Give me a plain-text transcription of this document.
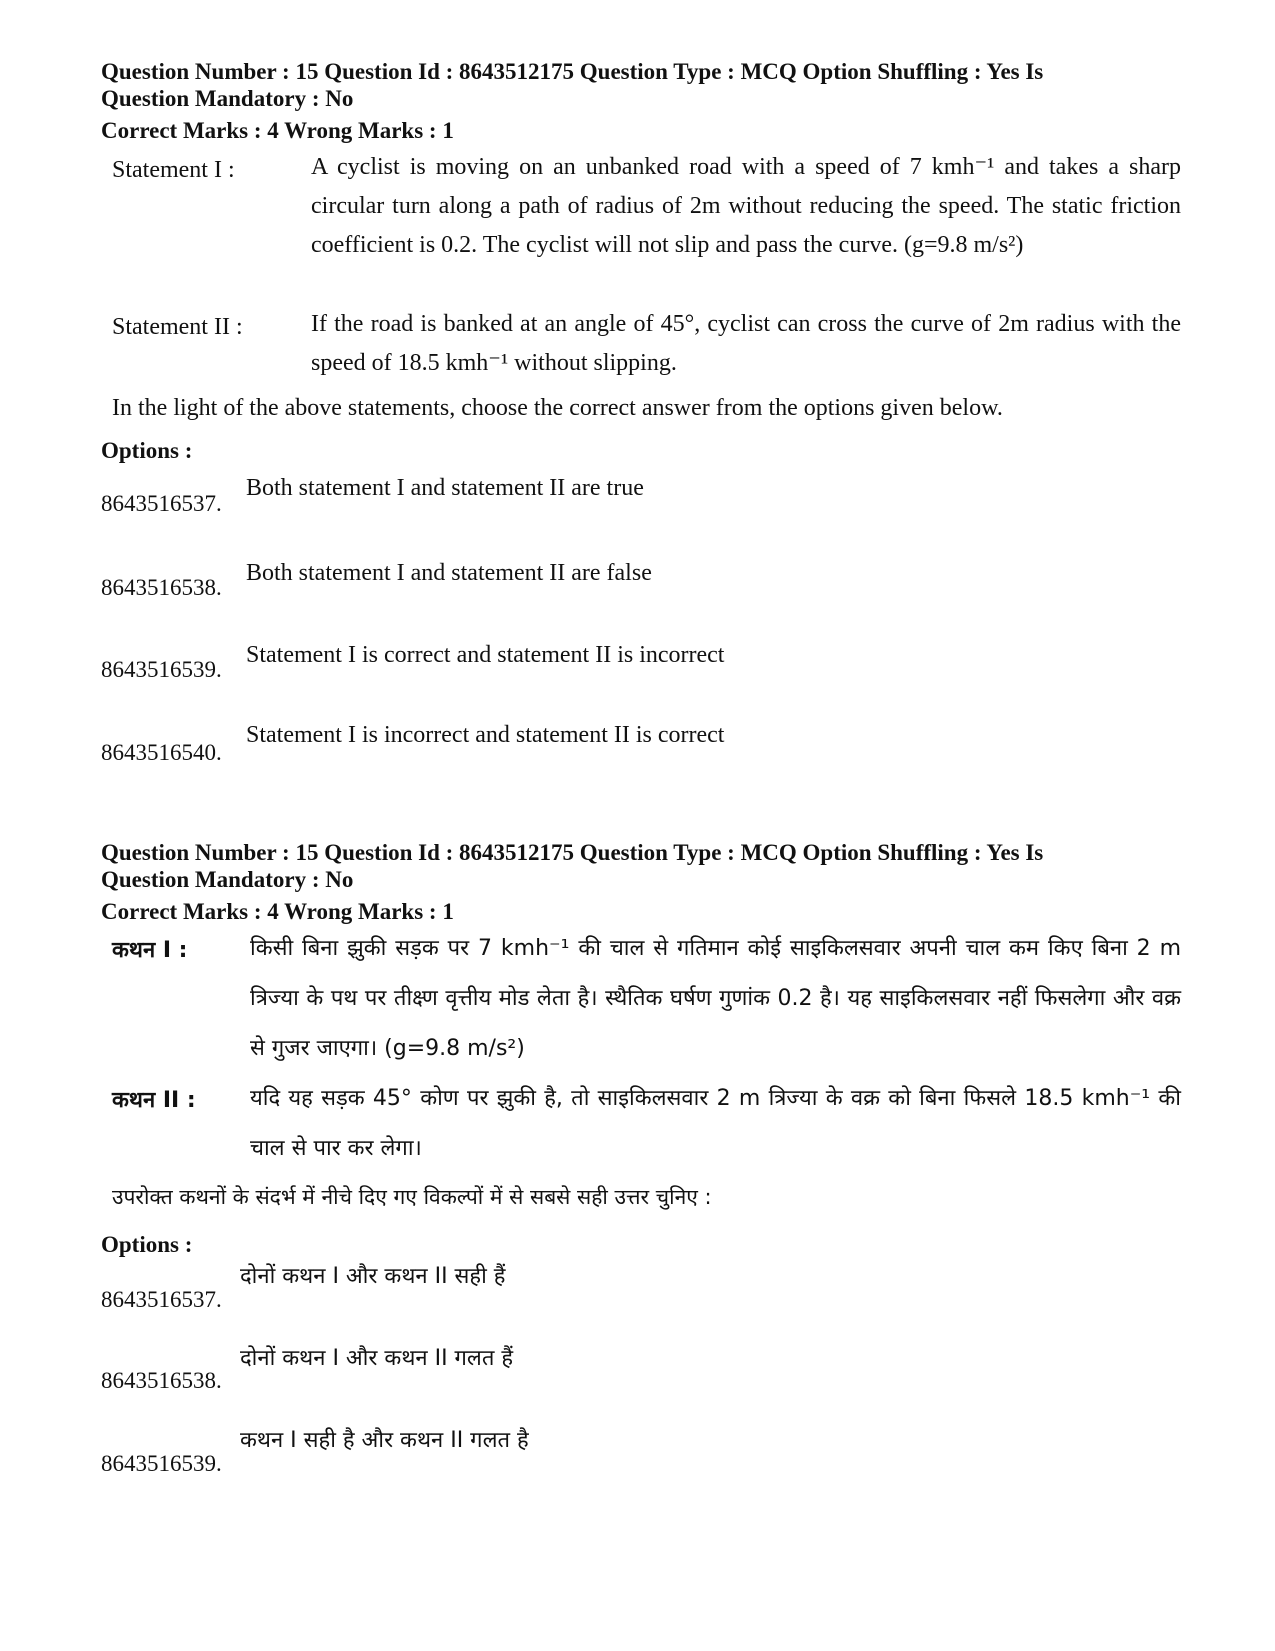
Question Number : 15 Question Id : 8643512175 Question Type : MCQ Option Shuffling : Yes Is
Question Mandatory : No
Correct Marks : 4 Wrong Marks : 1
Statement I :	A cyclist is moving on an unbanked road with a speed of 7 kmh⁻¹ and takes a sharp circular turn along a path of radius of 2m without reducing the speed. The static friction coefficient is 0.2. The cyclist will not slip and pass the curve. (g=9.8 m/s²)
Statement II :	If the road is banked at an angle of 45°, cyclist can cross the curve of 2m radius with the speed of 18.5 kmh⁻¹ without slipping.
In the light of the above statements, choose the correct answer from the options given below.
Options :
8643516537.
Both statement I and statement II are true
8643516538.
Both statement I and statement II are false
8643516539.
Statement I is correct and statement II is incorrect
8643516540.
Statement I is incorrect and statement II is correct
Question Number : 15 Question Id : 8643512175 Question Type : MCQ Option Shuffling : Yes Is
Question Mandatory : No
Correct Marks : 4 Wrong Marks : 1
कथन I :	किसी बिना झुकी सड़क पर 7 kmh⁻¹ की चाल से गतिमान कोई साइकिलसवार अपनी चाल कम किए बिना 2 m त्रिज्या के पथ पर तीक्ष्ण वृत्तीय मोड लेता है। स्थैतिक घर्षण गुणांक 0.2 है। यह साइकिलसवार नहीं फिसलेगा और वक्र से गुजर जाएगा। (g=9.8 m/s²)
कथन II : यदि यह सड़क 45° कोण पर झुकी है, तो साइकिलसवार 2 m त्रिज्या के वक्र को बिना फिसले 18.5 kmh⁻¹ की चाल से पार कर लेगा।
उपरोक्त कथनों के संदर्भ में नीचे दिए गए विकल्पों में से सबसे सही उत्तर चुनिए :
Options :
8643516537.
दोनों कथन I और कथन II सही हैं
8643516538.
दोनों कथन I और कथन II गलत हैं
8643516539.
कथन I सही है और कथन II गलत है
